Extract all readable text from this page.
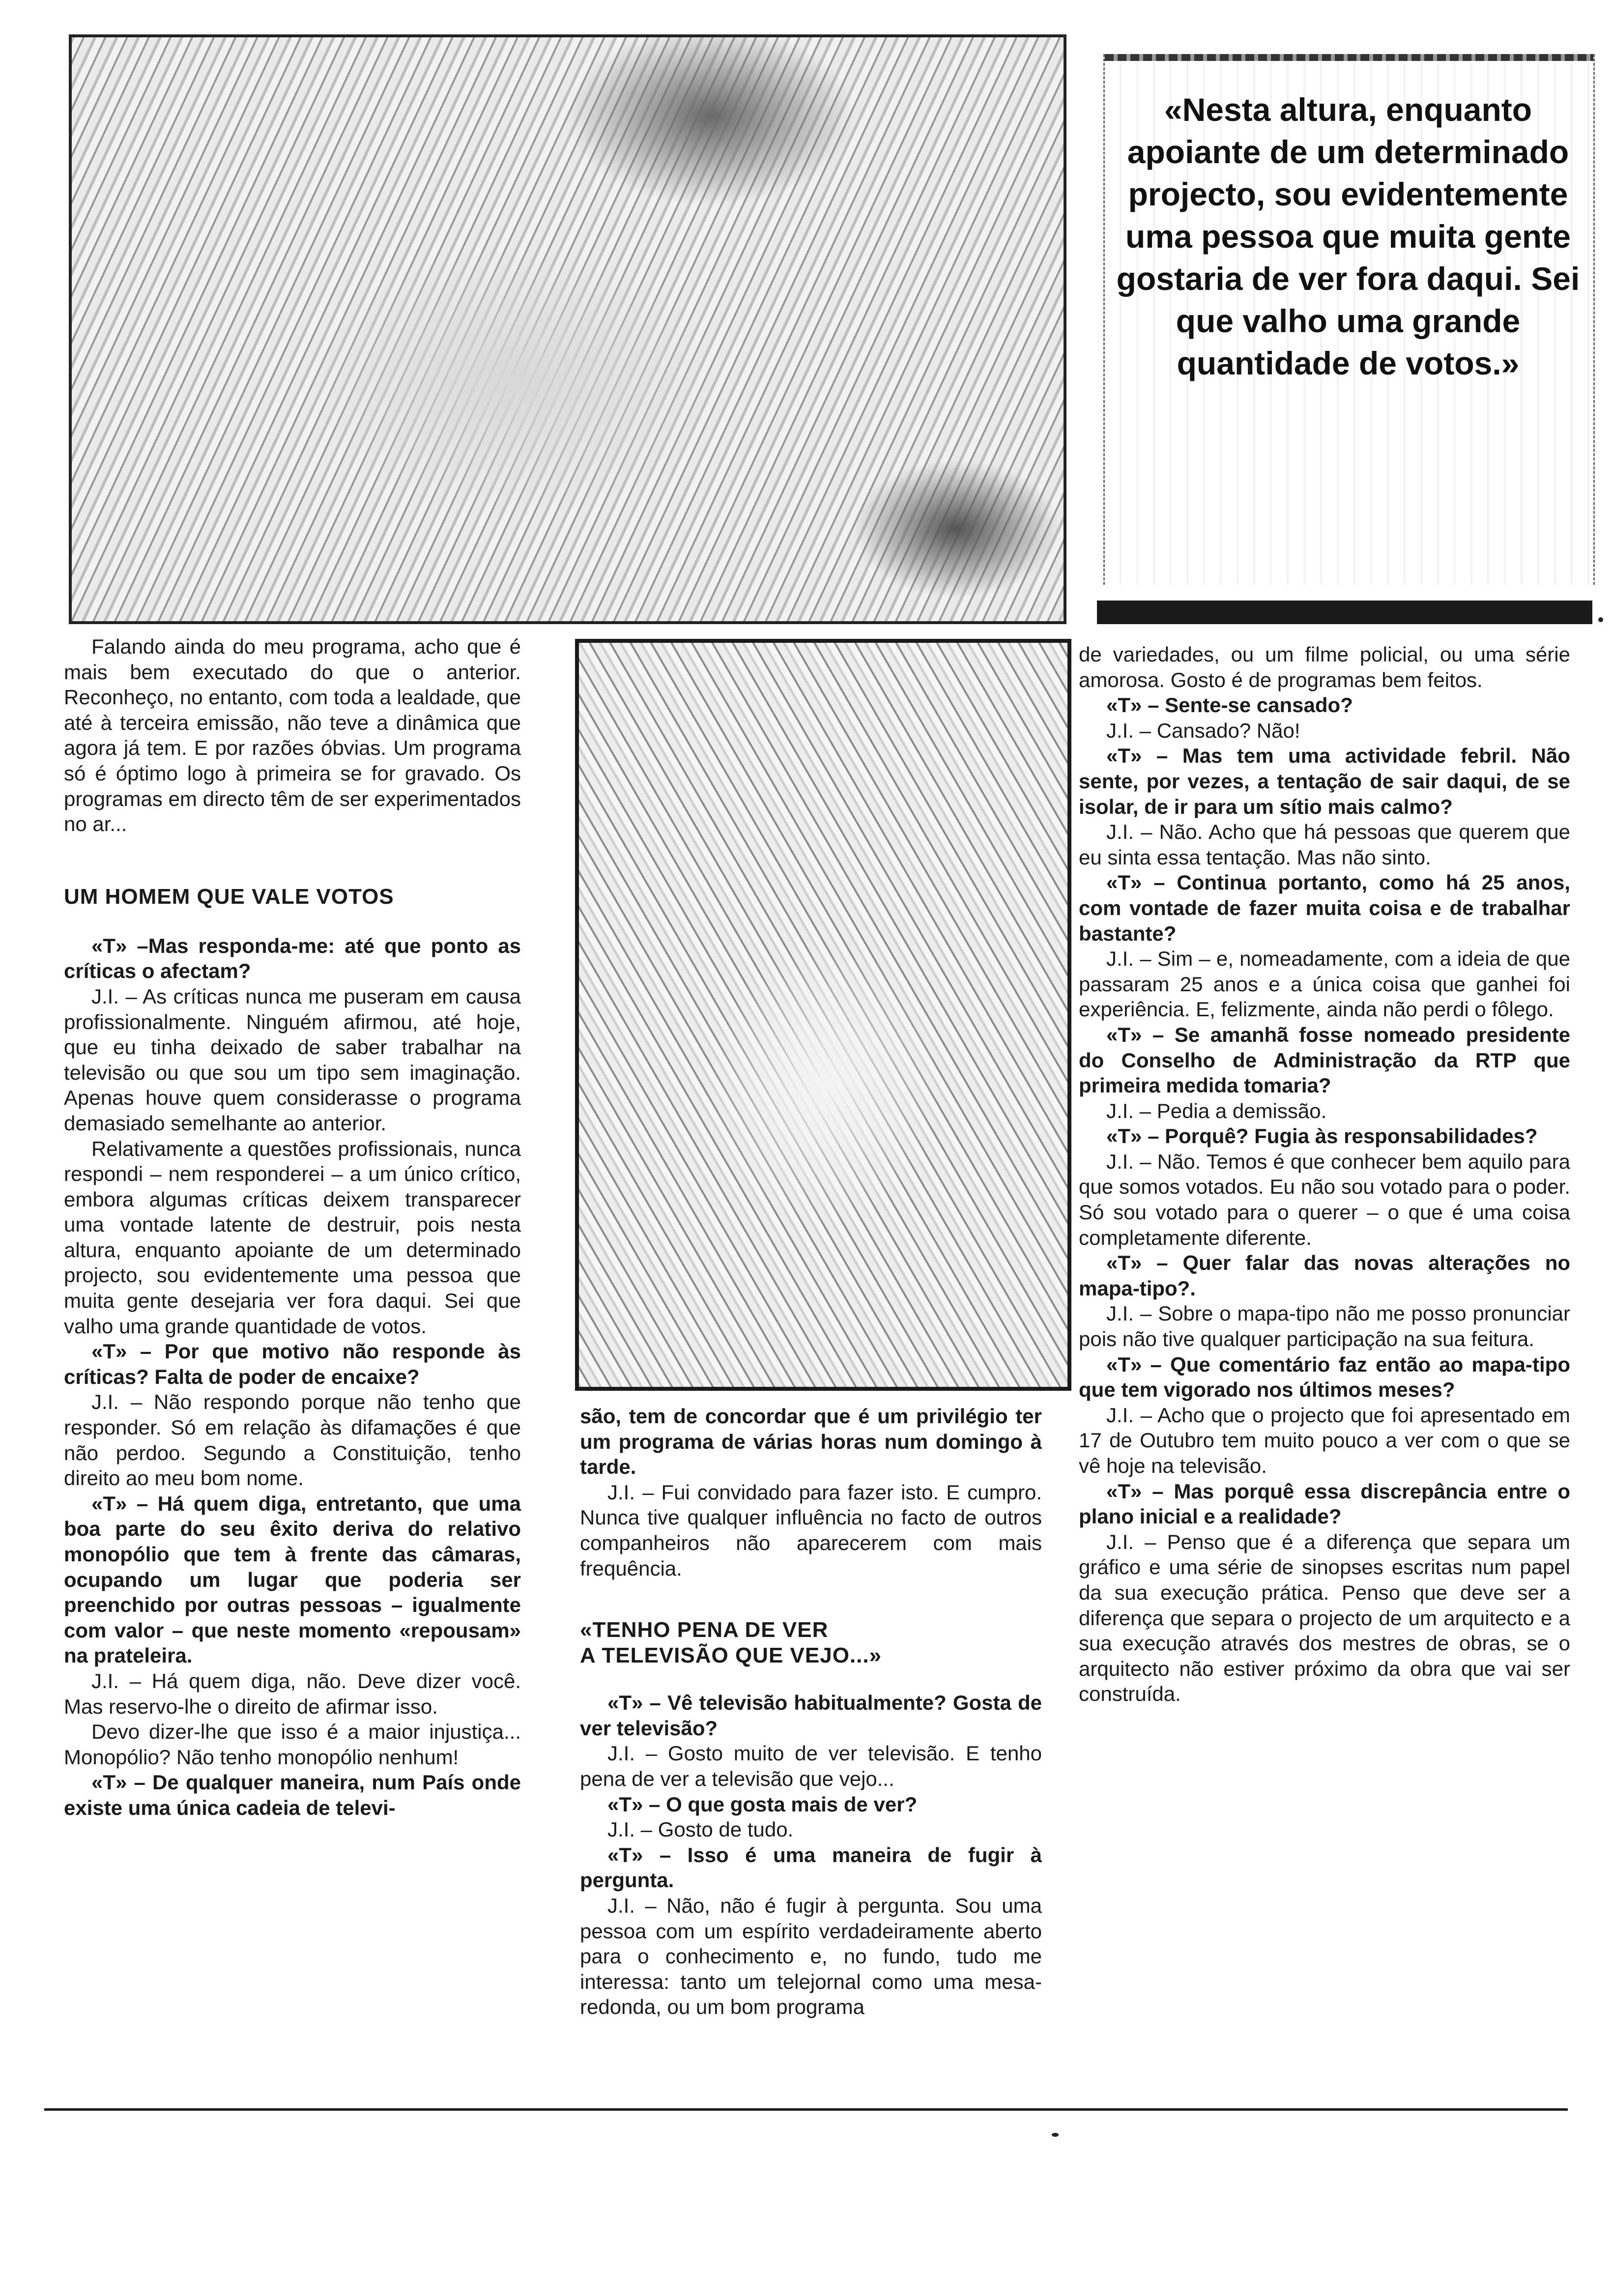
«Nesta altura, enquanto apoiante de um determinado projecto, sou evidentemente uma pessoa que muita gente gostaria de ver fora daqui. Sei que valho uma grande quantidade de votos.»

Falando ainda do meu programa, acho que é mais bem executado do que o anterior. Reconheço, no entanto, com toda a lealdade, que até à terceira emissão, não teve a dinâmica que agora já tem. E por razões óbvias. Um programa só é óptimo logo à primeira se for gravado. Os programas em directo têm de ser experimentados no ar...

UM HOMEM QUE VALE VOTOS

«T» –Mas responda-me: até que ponto as críticas o afectam?

J.I. – As críticas nunca me puseram em causa profissionalmente. Ninguém afirmou, até hoje, que eu tinha deixado de saber trabalhar na televisão ou que sou um tipo sem imaginação. Apenas houve quem considerasse o programa demasiado semelhante ao anterior.

Relativamente a questões profissionais, nunca respondi – nem responderei – a um único crítico, embora algumas críticas deixem transparecer uma vontade latente de destruir, pois nesta altura, enquanto apoiante de um determinado projecto, sou evidentemente uma pessoa que muita gente desejaria ver fora daqui. Sei que valho uma grande quantidade de votos.

«T» – Por que motivo não responde às críticas? Falta de poder de encaixe?

J.I. – Não respondo porque não tenho que responder. Só em relação às difamações é que não perdoo. Segundo a Constituição, tenho direito ao meu bom nome.

«T» – Há quem diga, entretanto, que uma boa parte do seu êxito deriva do relativo monopólio que tem à frente das câmaras, ocupando um lugar que poderia ser preenchido por outras pessoas – igualmente com valor – que neste momento «repousam» na prateleira.

J.I. – Há quem diga, não. Deve dizer você. Mas reservo-lhe o direito de afirmar isso.

Devo dizer-lhe que isso é a maior injustiça... Monopólio? Não tenho monopólio nenhum!

«T» – De qualquer maneira, num País onde existe uma única cadeia de televi-

são, tem de concordar que é um privilégio ter um programa de várias horas num domingo à tarde.

J.I. – Fui convidado para fazer isto. E cumpro. Nunca tive qualquer influência no facto de outros companheiros não aparecerem com mais frequência.

«TENHO PENA DE VER

A TELEVISÃO QUE VEJO...»

«T» – Vê televisão habitualmente? Gosta de ver televisão?

J.I. – Gosto muito de ver televisão. E tenho pena de ver a televisão que vejo...

«T» – O que gosta mais de ver?

J.I. – Gosto de tudo.

«T» – Isso é uma maneira de fugir à pergunta.

J.I. – Não, não é fugir à pergunta. Sou uma pessoa com um espírito verdadeiramente aberto para o conhecimento e, no fundo, tudo me interessa: tanto um telejornal como uma mesa-redonda, ou um bom programa

de variedades, ou um filme policial, ou uma série amorosa. Gosto é de programas bem feitos.

«T» – Sente-se cansado?

J.I. – Cansado? Não!

«T» – Mas tem uma actividade febril. Não sente, por vezes, a tentação de sair daqui, de se isolar, de ir para um sítio mais calmo?

J.I. – Não. Acho que há pessoas que querem que eu sinta essa tentação. Mas não sinto.

«T» – Continua portanto, como há 25 anos, com vontade de fazer muita coisa e de trabalhar bastante?

J.I. – Sim – e, nomeadamente, com a ideia de que passaram 25 anos e a única coisa que ganhei foi experiência. E, felizmente, ainda não perdi o fôlego.

«T» – Se amanhã fosse nomeado presidente do Conselho de Administração da RTP que primeira medida tomaria?

J.I. – Pedia a demissão.

«T» – Porquê? Fugia às responsabilidades?

J.I. – Não. Temos é que conhecer bem aquilo para que somos votados. Eu não sou votado para o poder. Só sou votado para o querer – o que é uma coisa completamente diferente.

«T» – Quer falar das novas alterações no mapa-tipo?.

J.I. – Sobre o mapa-tipo não me posso pronunciar pois não tive qualquer participação na sua feitura.

«T» – Que comentário faz então ao mapa-tipo que tem vigorado nos últimos meses?

J.I. – Acho que o projecto que foi apresentado em 17 de Outubro tem muito pouco a ver com o que se vê hoje na televisão.

«T» – Mas porquê essa discrepância entre o plano inicial e a realidade?

J.I. – Penso que é a diferença que separa um gráfico e uma série de sinopses escritas num papel da sua execução prática. Penso que deve ser a diferença que separa o projecto de um arquitecto e a sua execução através dos mestres de obras, se o arquitecto não estiver próximo da obra que vai ser construída.
